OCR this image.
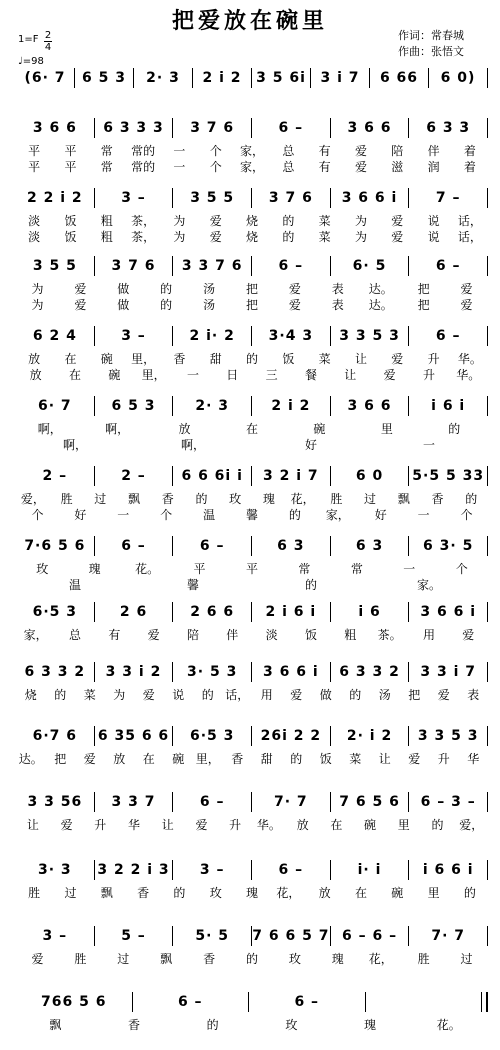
把爱放在碗里
1=F 2
4
♩=98
作词：常春城
作曲：张悟文
(6· 7	6 5 3	2· 3	2 i 2	3 5 6i	3 i 7	6 66	6 0)
3 6 6	6 3 3 3	3 7 6	6 –	3 6 6	6 3 3
平	平	常	常的	一	个	家，	总	有	爱	陪	伴	着
平	平	常	常的	一	个	家，	总	有	爱	滋	润	着
2 2 i 2	3 –	3 5 5	3 7 6	3 6 6 i	7 –
淡	饭	粗	茶，	为	爱	烧	的	菜	为	爱	说	话，
淡	饭	粗	茶，	为	爱	烧	的	菜	为	爱	说	话，
3 5 5	3 7 6	3 3 7 6	6 –	6· 5	6 –
为	爱	做	的	汤	把	爱	表	达。	把	爱
为	爱	做	的	汤	把	爱	表	达。	把	爱
6 2 4	3 –	2 i· 2	3·4 3	3 3 5 3	6 –
放	在	碗	里，	香	甜	的	饭	菜	让	爱	升	华。
放	在	碗	里，	一	日	三	餐	让	爱	升	华。
6· 7	6 5 3	2· 3	2 i 2	3 6 6	i 6 i
啊，	啊，	放	在	碗	里	的
啊，	啊，	好	一
2 –	2 –	6 6 6i i	3 2 i 7	6 0	5·5 5 33
爱，	胜	过	飘	香	的	玫	瑰	花，	胜	过	飘	香	的
个	好	一	个	温	馨	的	家，	好	一	个
7·6 5 6	6 –	6 –	6 3	6 3	6 3· 5
玫	瑰	花。	平	平	常	常	一	个
温	馨	的	家。
6·5 3	2 6	2 6 6	2 i 6 i	i 6	3 6 6 i
家，	总	有	爱	陪	伴	淡	饭	粗	茶。	用	爱
6 3 3 2	3 3 i 2	3· 5 3	3 6 6 i	6 3 3 2	3 3 i 7
烧	的	菜	为	爱	说	的 话， 用	爱	做	的	汤	把	爱	表
6·7 6	6 35 6 6	6·5 3	26i 2 2	2· i 2	3 3 5 3
达。 把	爱	放	在	碗 里， 香	甜	的	饭	菜	让	爱	升	华
3 3 56	3 3 7	6 –	7· 7	7 6 5 6	6 – 3 –
让	爱	升	华	让	爱	升	华。	放	在	碗	里	的	爱，
3· 3	3 2 2 i 3	3 –	6 –	i· i	i 6 6 i
胜	过	飘	香	的	玫	瑰	花，	放	在	碗	里	的
3 –	5 –	5· 5	7 6 6 5 7 6 – 6 –	7· 7
爱	胜	过	飘	香	的	玫	瑰	花，	胜	过
766 5 6	6 –	6 –
飘	香	的	玫	瑰	花。
